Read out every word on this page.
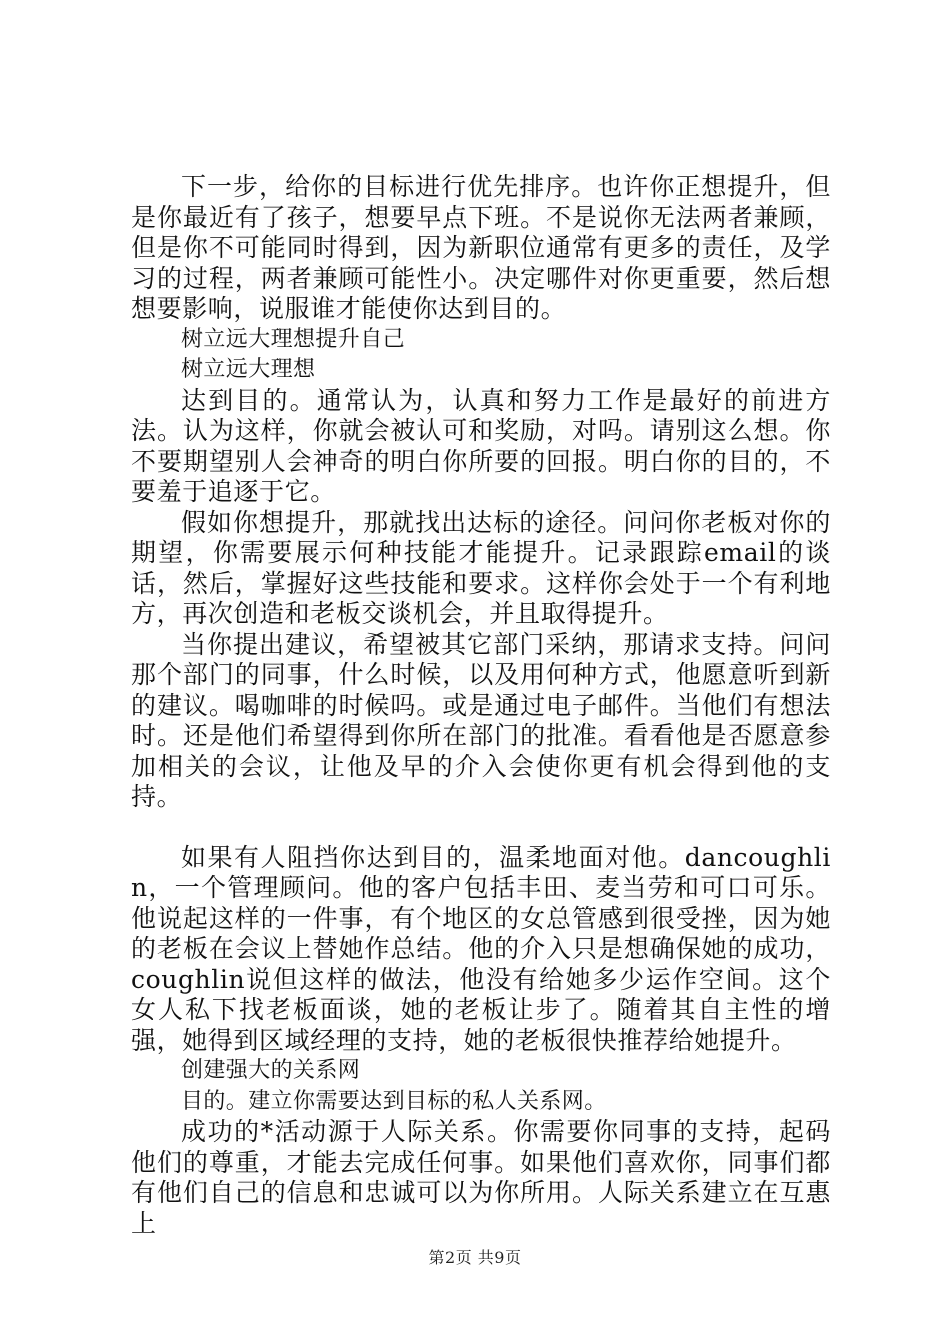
下一步，给你的目标进行优先排序。也许你正想提升，但是你最近有了孩子，想要早点下班。不是说你无法两者兼顾，但是你不可能同时得到，因为新职位通常有更多的责任，及学习的过程，两者兼顾可能性小。决定哪件对你更重要，然后想想要影响，说服谁才能使你达到目的。

树立远大理想提升自己

树立远大理想

达到目的。通常认为，认真和努力工作是最好的前进方法。认为这样，你就会被认可和奖励，对吗。请别这么想。你不要期望别人会神奇的明白你所要的回报。明白你的目的，不要羞于追逐于它。

假如你想提升，那就找出达标的途径。问问你老板对你的期望，你需要展示何种技能才能提升。记录跟踪email的谈话，然后，掌握好这些技能和要求。这样你会处于一个有利地方，再次创造和老板交谈机会，并且取得提升。

当你提出建议，希望被其它部门采纳，那请求支持。问问那个部门的同事，什么时候，以及用何种方式，他愿意听到新的建议。喝咖啡的时候吗。或是通过电子邮件。当他们有想法时。还是他们希望得到你所在部门的批准。看看他是否愿意参加相关的会议，让他及早的介入会使你更有机会得到他的支持。

如果有人阻挡你达到目的，温柔地面对他。dancoughlin，一个管理顾问。他的客户包括丰田、麦当劳和可口可乐。他说起这样的一件事，有个地区的女总管感到很受挫，因为她的老板在会议上替她作总结。他的介入只是想确保她的成功，coughlin说但这样的做法，他没有给她多少运作空间。这个女人私下找老板面谈，她的老板让步了。随着其自主性的增强，她得到区域经理的支持，她的老板很快推荐给她提升。

创建强大的关系网

目的。建立你需要达到目标的私人关系网。

成功的*活动源于人际关系。你需要你同事的支持，起码他们的尊重，才能去完成任何事。如果他们喜欢你，同事们都有他们自己的信息和忠诚可以为你所用。人际关系建立在互惠上

第2页 共9页
